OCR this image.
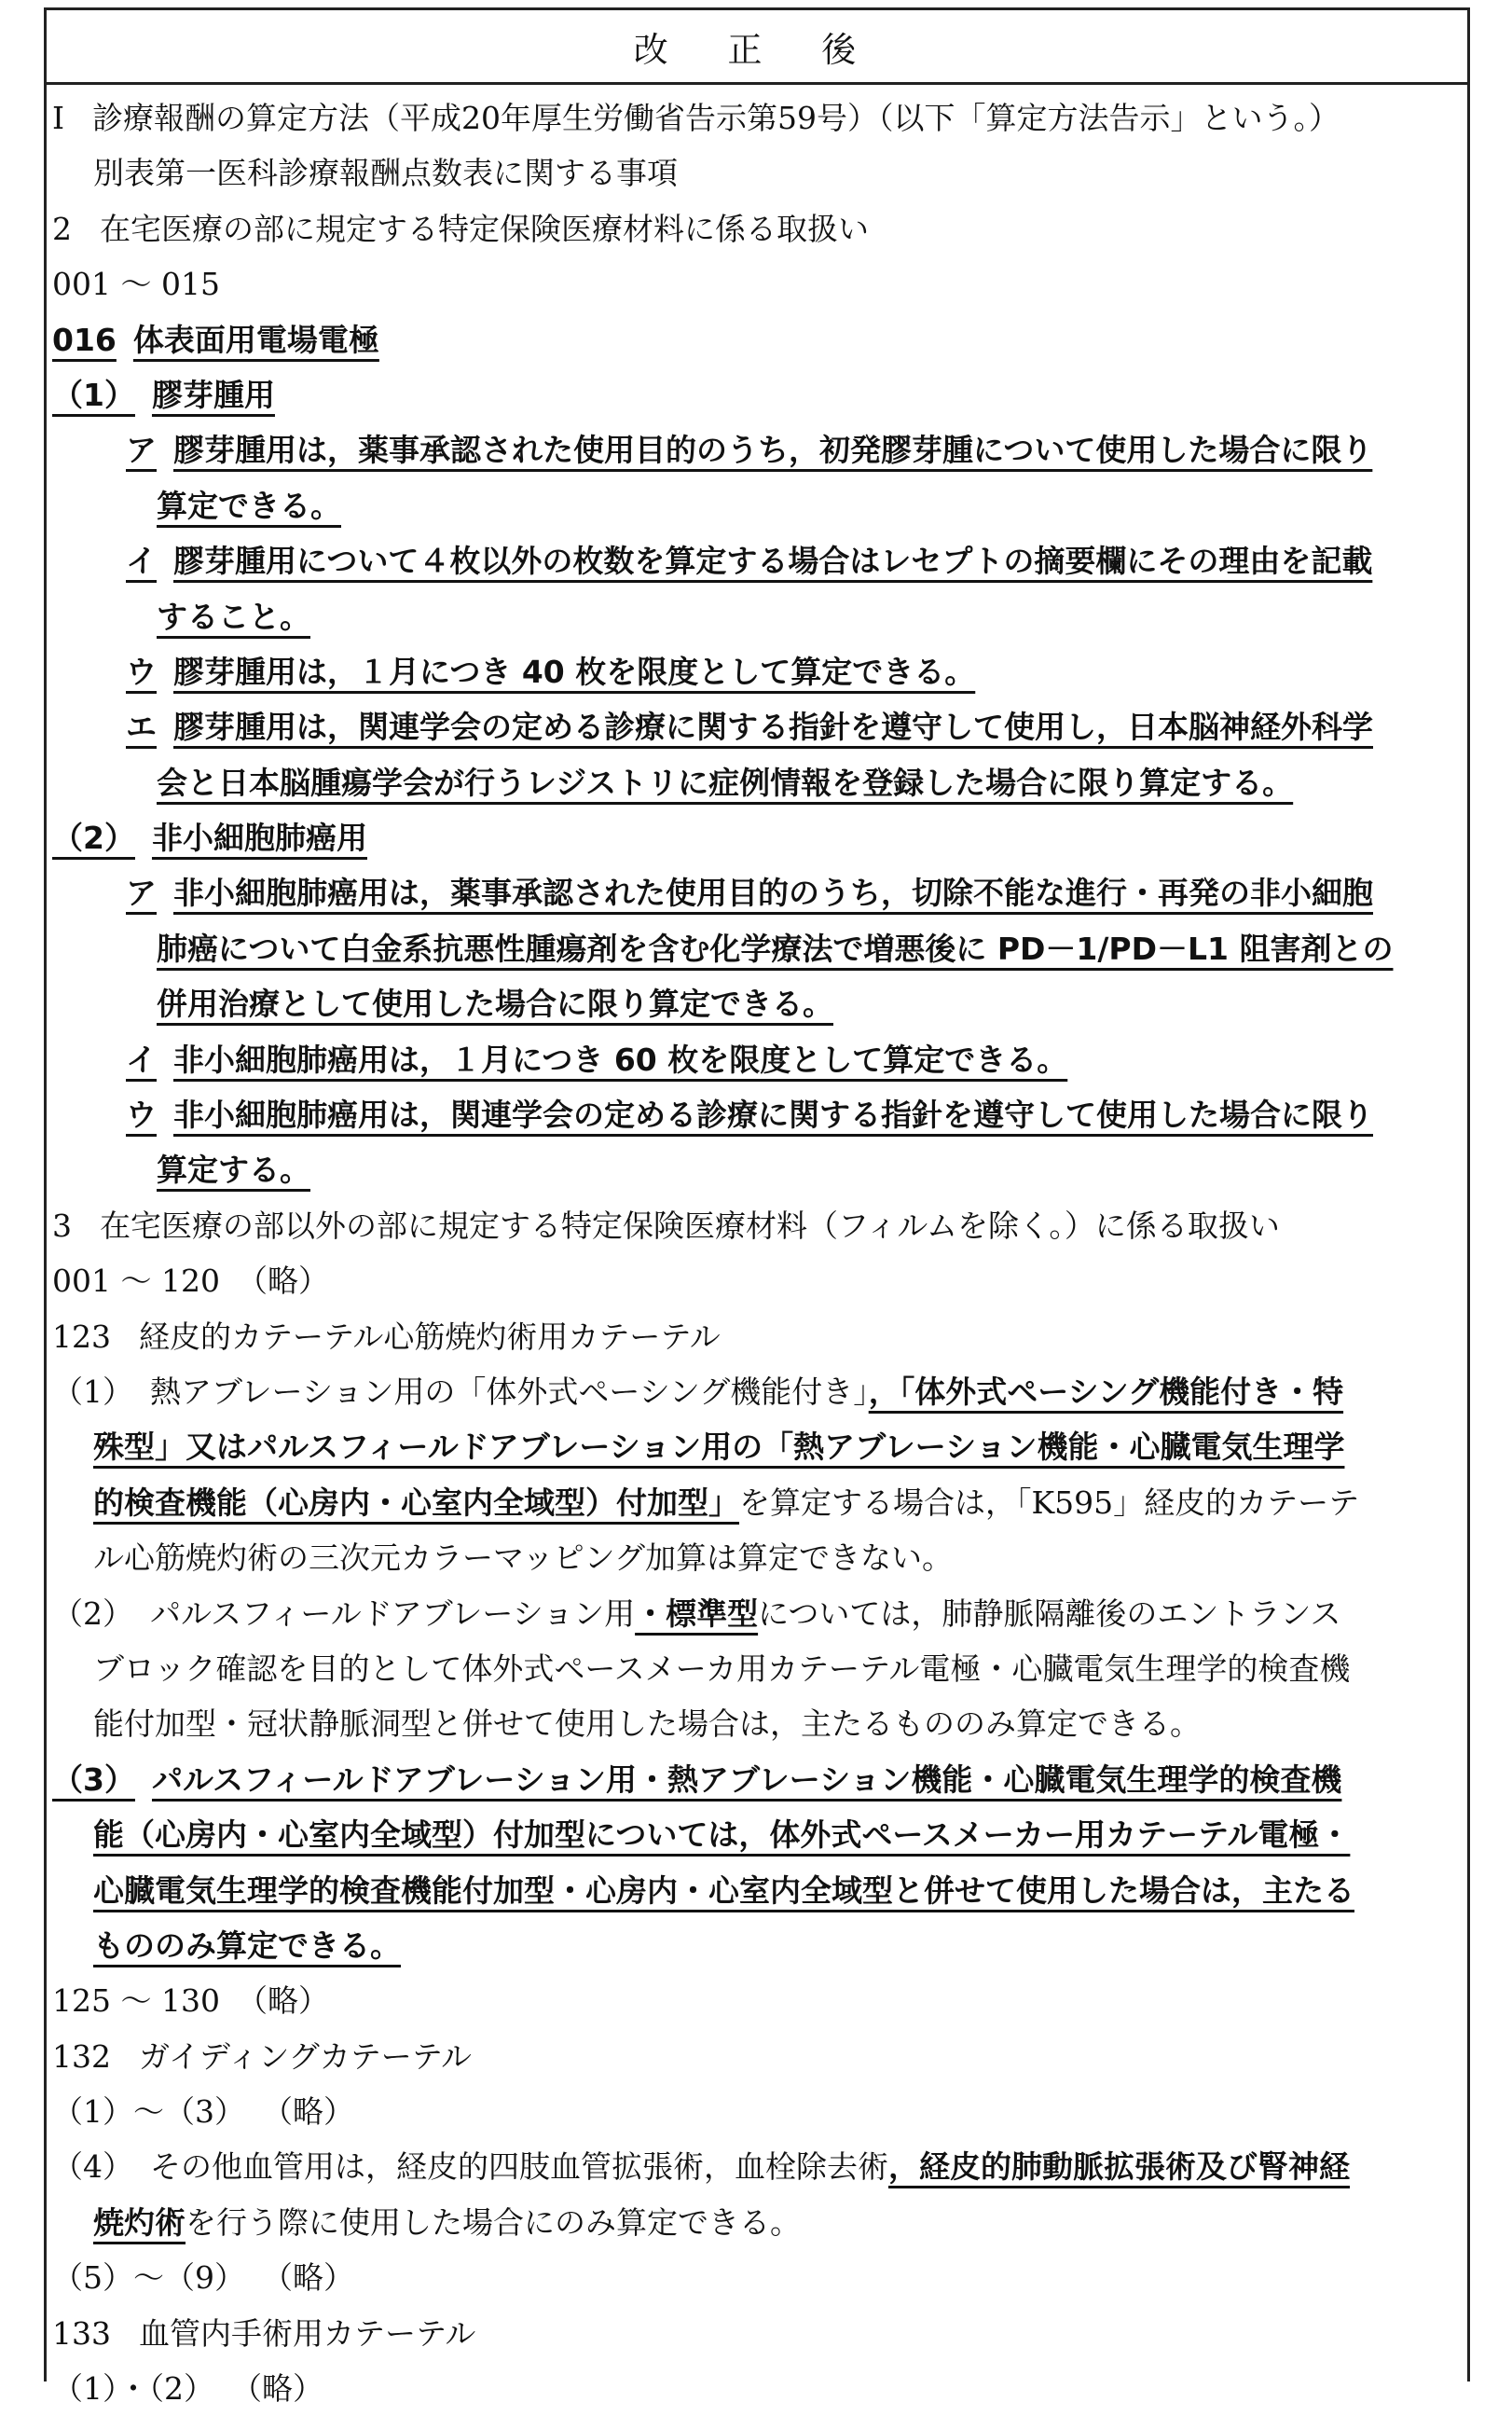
改 正 後
Ⅰ 診療報酬の算定方法（平成20年厚生労働省告示第59号）（以下「算定方法告示」という。）
別表第一医科診療報酬点数表に関する事項
2 在宅医療の部に規定する特定保険医療材料に係る取扱い
001 ～ 015
016 体表面用電場電極
（1） 膠芽腫用
ア 膠芽腫用は，薬事承認された使用目的のうち，初発膠芽腫について使用した場合に限り
算定できる。
イ 膠芽腫用について４枚以外の枚数を算定する場合はレセプトの摘要欄にその理由を記載
すること。
ウ 膠芽腫用は，１月につき 40 枚を限度として算定できる。
エ 膠芽腫用は，関連学会の定める診療に関する指針を遵守して使用し，日本脳神経外科学
会と日本脳腫瘍学会が行うレジストリに症例情報を登録した場合に限り算定する。
（2） 非小細胞肺癌用
ア 非小細胞肺癌用は，薬事承認された使用目的のうち，切除不能な進行・再発の非小細胞
肺癌について白金系抗悪性腫瘍剤を含む化学療法で増悪後に PD－1/PD－L1 阻害剤との
併用治療として使用した場合に限り算定できる。
イ 非小細胞肺癌用は，１月につき 60 枚を限度として算定できる。
ウ 非小細胞肺癌用は，関連学会の定める診療に関する指針を遵守して使用した場合に限り
算定する。
3 在宅医療の部以外の部に規定する特定保険医療材料（フィルムを除く。）に係る取扱い
001 ～ 120 （略）
123 経皮的カテーテル心筋焼灼術用カテーテル
（1） 熱アブレーション用の「体外式ペーシング機能付き」，「体外式ペーシング機能付き・特
殊型」又はパルスフィールドアブレーション用の「熱アブレーション機能・心臓電気生理学
的検査機能（心房内・心室内全域型）付加型」を算定する場合は，「K595」経皮的カテーテ
ル心筋焼灼術の三次元カラーマッピング加算は算定できない。
（2） パルスフィールドアブレーション用・標準型については，肺静脈隔離後のエントランス
ブロック確認を目的として体外式ペースメーカ用カテーテル電極・心臓電気生理学的検査機
能付加型・冠状静脈洞型と併せて使用した場合は，主たるもののみ算定できる。
（3） パルスフィールドアブレーション用・熱アブレーション機能・心臓電気生理学的検査機
能（心房内・心室内全域型）付加型については，体外式ペースメーカー用カテーテル電極・
心臓電気生理学的検査機能付加型・心房内・心室内全域型と併せて使用した場合は，主たる
もののみ算定できる。
125 ～ 130 （略）
132 ガイディングカテーテル
（1）～（3） （略）
（4） その他血管用は，経皮的四肢血管拡張術，血栓除去術，経皮的肺動脈拡張術及び腎神経
焼灼術を行う際に使用した場合にのみ算定できる。
（5）～（9） （略）
133 血管内手術用カテーテル
（1）・（2） （略）
